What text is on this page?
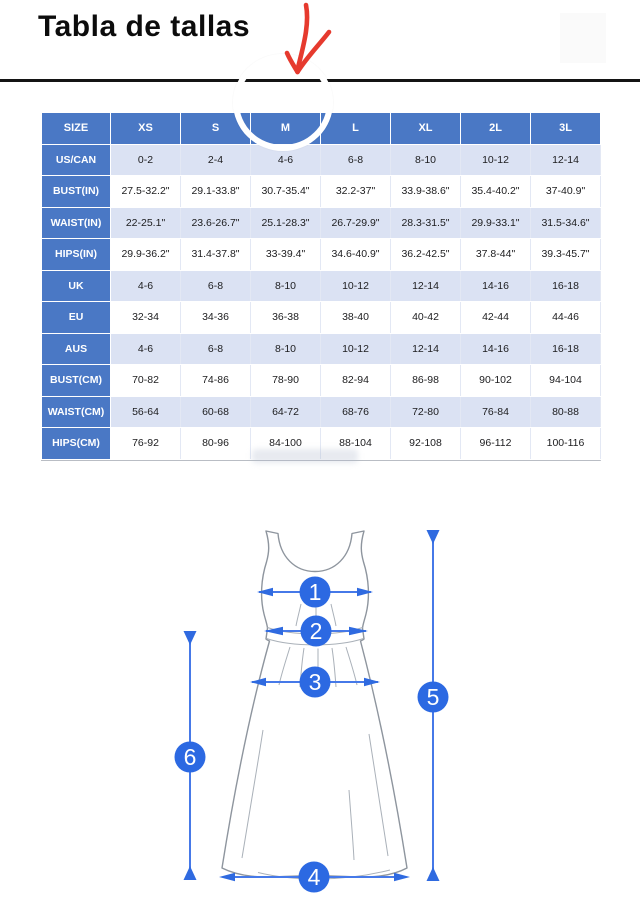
Tabla de tallas
SIZE	XS	S	M	L	XL	2L	3L
US/CAN	0-2	2-4	4-6	6-8	8-10	10-12	12-14
BUST(IN)	27.5-32.2"	29.1-33.8"	30.7-35.4"	32.2-37"	33.9-38.6"	35.4-40.2"	37-40.9"
WAIST(IN)	22-25.1"	23.6-26.7"	25.1-28.3"	26.7-29.9"	28.3-31.5"	29.9-33.1"	31.5-34.6"
HIPS(IN)	29.9-36.2"	31.4-37.8"	33-39.4"	34.6-40.9"	36.2-42.5"	37.8-44"	39.3-45.7"
UK	4-6	6-8	8-10	10-12	12-14	14-16	16-18
EU	32-34	34-36	36-38	38-40	40-42	42-44	44-46
AUS	4-6	6-8	8-10	10-12	12-14	14-16	16-18
BUST(CM)	70-82	74-86	78-90	82-94	86-98	90-102	94-104
WAIST(CM)	56-64	60-68	64-72	68-76	72-80	76-84	80-88
HIPS(CM)	76-92	80-96	84-100	88-104	92-108	96-112	100-116
1
2
3
4
5
6
